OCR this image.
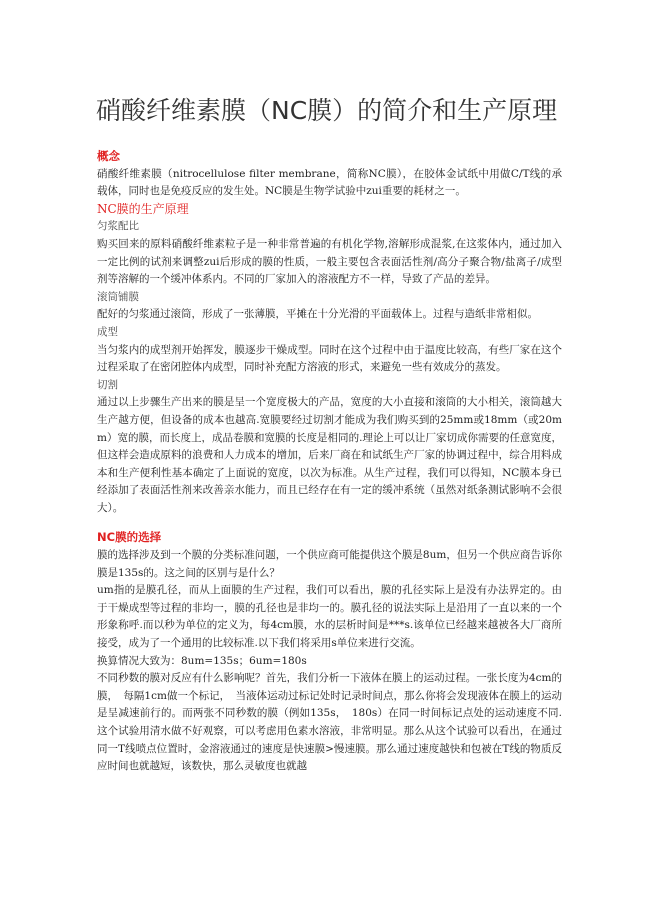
硝酸纤维素膜（NC膜）的简介和生产原理
概念

硝酸纤维素膜（nitrocellulose filter membrane，简称NC膜），在胶体金试纸中用做C/T线的承载体，同时也是免疫反应的发生处。NC膜是生物学试验中zui重要的耗材之一。

NC膜的生产原理
匀浆配比

购买回来的原料硝酸纤维素粒子是一种非常普遍的有机化学物,溶解形成混浆,在这浆体内，通过加入一定比例的试剂来调整zui后形成的膜的性质，一般主要包含表面活性剂/高分子聚合物/盐离子/成型剂等溶解的一个缓冲体系内。不同的厂家加入的溶液配方不一样，导致了产品的差异。

滚筒铺膜

配好的匀浆通过滚筒，形成了一张薄膜，平摊在十分光滑的平面载体上。过程与造纸非常相似。

成型

当匀浆内的成型剂开始挥发，膜逐步干燥成型。同时在这个过程中由于温度比较高，有些厂家在这个过程采取了在密闭腔体内成型，同时补充配方溶液的形式，来避免一些有效成分的蒸发。

切割

通过以上步骤生产出来的膜是呈一个宽度极大的产品，宽度的大小直接和滚筒的大小相关，滚筒越大生产越方便，但设备的成本也越高.宽膜要经过切割才能成为我们购买到的25mm或18mm（或20mm）宽的膜，而长度上，成品卷膜和宽膜的长度是相同的.理论上可以让厂家切成你需要的任意宽度，但这样会造成原料的浪费和人力成本的增加，后来厂商在和试纸生产厂家的协调过程中，综合用料成本和生产便利性基本确定了上面说的宽度，以次为标准。从生产过程，我们可以得知，NC膜本身已经添加了表面活性剂来改善亲水能力，而且已经存在有一定的缓冲系统（虽然对纸条测试影响不会很大）。

NC膜的选择

膜的选择涉及到一个膜的分类标准问题，一个供应商可能提供这个膜是8um，但另一个供应商告诉你膜是135s的。这之间的区别与是什么？

um指的是膜孔径，而从上面膜的生产过程，我们可以看出，膜的孔径实际上是没有办法界定的。由于干燥成型等过程的非均一，膜的孔径也是非均一的。膜孔径的说法实际上是沿用了一直以来的一个形象称呼.而以秒为单位的定义为，每4cm膜，水的层析时间是***s.该单位已经越来越被各大厂商所接受，成为了一个通用的比较标准.以下我们将采用s单位来进行交流。

换算情况大致为：8um=135s；6um=180s

不同秒数的膜对反应有什么影响呢？首先，我们分析一下液体在膜上的运动过程。一张长度为4cm的膜，　每隔1cm做一个标记，　当液体运动过标记处时记录时间点，那么你将会发现液体在膜上的运动是呈减速前行的。而两张不同秒数的膜（例如135s，　180s）在同一时间标记点处的运动速度不同.这个试验用清水做不好观察，可以考虑用色素水溶液，非常明显。那么从这个试验可以看出，在通过同一T线喷点位置时，金溶液通过的速度是快速膜>慢速膜。那么通过速度越快和包被在T线的物质反应时间也就越短，该数快，那么灵敏度也就越
